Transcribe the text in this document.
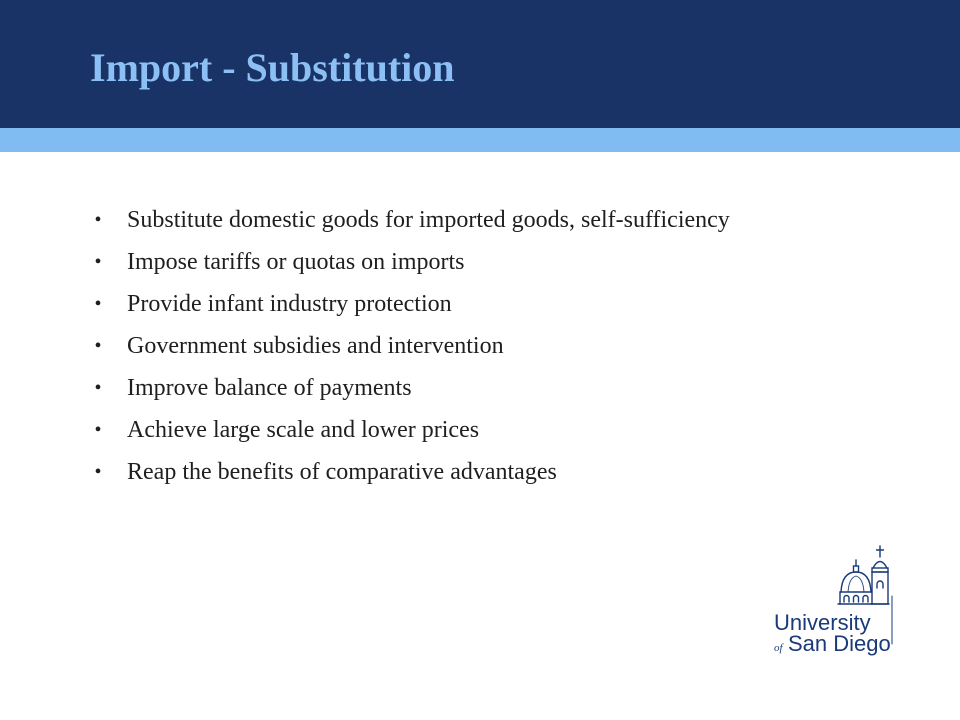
Import - Substitution
• Substitute domestic goods for imported goods, self-sufficiency
• Impose tariffs or quotas on imports
• Provide infant industry protection
• Government subsidies and intervention
• Improve balance of payments
• Achieve large scale and lower prices
• Reap the benefits of comparative advantages
University
of San Diego
